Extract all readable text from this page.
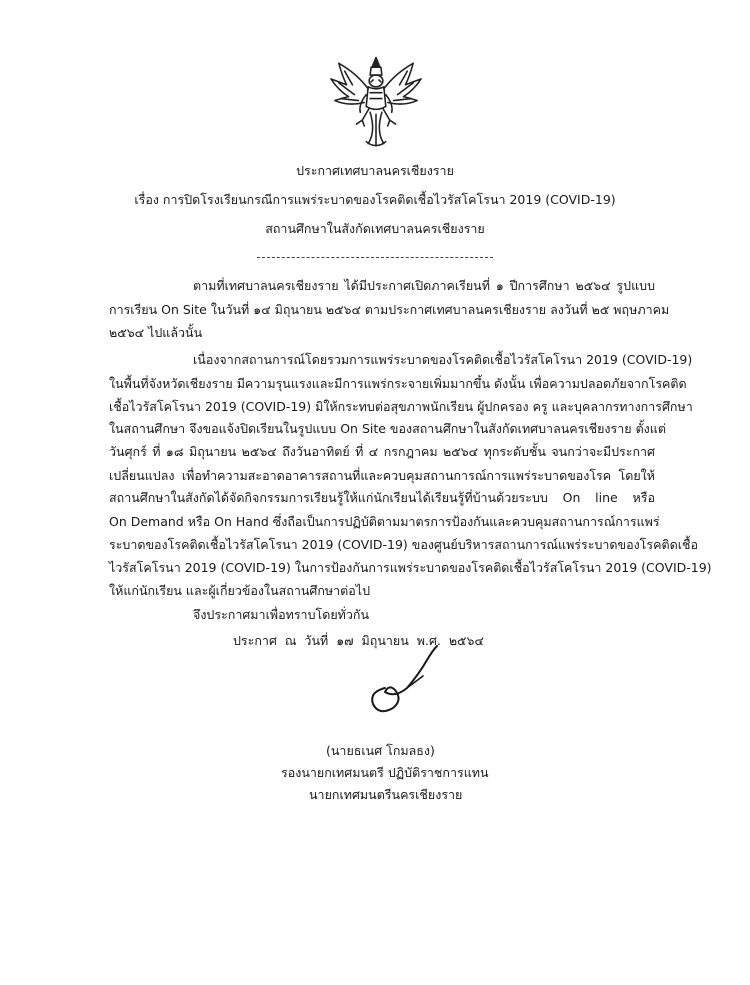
ประกาศเทศบาลนครเชียงราย
เรื่อง การปิดโรงเรียนกรณีการแพร่ระบาดของโรคติดเชื้อไวรัสโคโรนา 2019 (COVID-19)
สถานศึกษาในสังกัดเทศบาลนครเชียงราย
ตามที่เทศบาลนครเชียงราย ได้มีประกาศเปิดภาคเรียนที่ ๑ ปีการศึกษา ๒๕๖๔ รูปแบบ
การเรียน On Site ในวันที่ ๑๔ มิถุนายน ๒๕๖๔ ตามประกาศเทศบาลนครเชียงราย ลงวันที่ ๒๕ พฤษภาคม
๒๕๖๔ ไปแล้วนั้น
เนื่องจากสถานการณ์โดยรวมการแพร่ระบาดของโรคติดเชื้อไวรัสโคโรนา 2019 (COVID-19)
ในพื้นที่จังหวัดเชียงราย มีความรุนแรงและมีการแพร่กระจายเพิ่มมากขึ้น ดังนั้น เพื่อความปลอดภัยจากโรคติด
เชื้อไวรัสโคโรนา 2019 (COVID-19) มิให้กระทบต่อสุขภาพนักเรียน ผู้ปกครอง ครู และบุคลากรทางการศึกษา
ในสถานศึกษา จึงขอแจ้งปิดเรียนในรูปแบบ On Site ของสถานศึกษาในสังกัดเทศบาลนครเชียงราย ตั้งแต่
วันศุกร์ ที่ ๑๘ มิถุนายน ๒๕๖๔ ถึงวันอาทิตย์ ที่ ๔ กรกฎาคม ๒๕๖๔ ทุกระดับชั้น จนกว่าจะมีประกาศ
เปลี่ยนแปลง เพื่อทำความสะอาดอาคารสถานที่และควบคุมสถานการณ์การแพร่ระบาดของโรค โดยให้
สถานศึกษาในสังกัดได้จัดกิจกรรมการเรียนรู้ให้แก่นักเรียนได้เรียนรู้ที่บ้านด้วยระบบ On line หรือ
On Demand หรือ On Hand ซึ่งถือเป็นการปฏิบัติตามมาตรการป้องกันและควบคุมสถานการณ์การแพร่
ระบาดของโรคติดเชื้อไวรัสโคโรนา 2019 (COVID-19) ของศูนย์บริหารสถานการณ์แพร่ระบาดของโรคติดเชื้อ
ไวรัสโคโรนา 2019 (COVID-19) ในการป้องกันการแพร่ระบาดของโรคติดเชื้อไวรัสโคโรนา 2019 (COVID-19)
ให้แก่นักเรียน และผู้เกี่ยวข้องในสถานศึกษาต่อไป
จึงประกาศมาเพื่อทราบโดยทั่วกัน
ประกาศ ณ วันที่ ๑๗ มิถุนายน พ.ศ. ๒๕๖๔
(นายธเนศ โกมลธง)
รองนายกเทศมนตรี ปฏิบัติราชการแทน
นายกเทศมนตรีนครเชียงราย
